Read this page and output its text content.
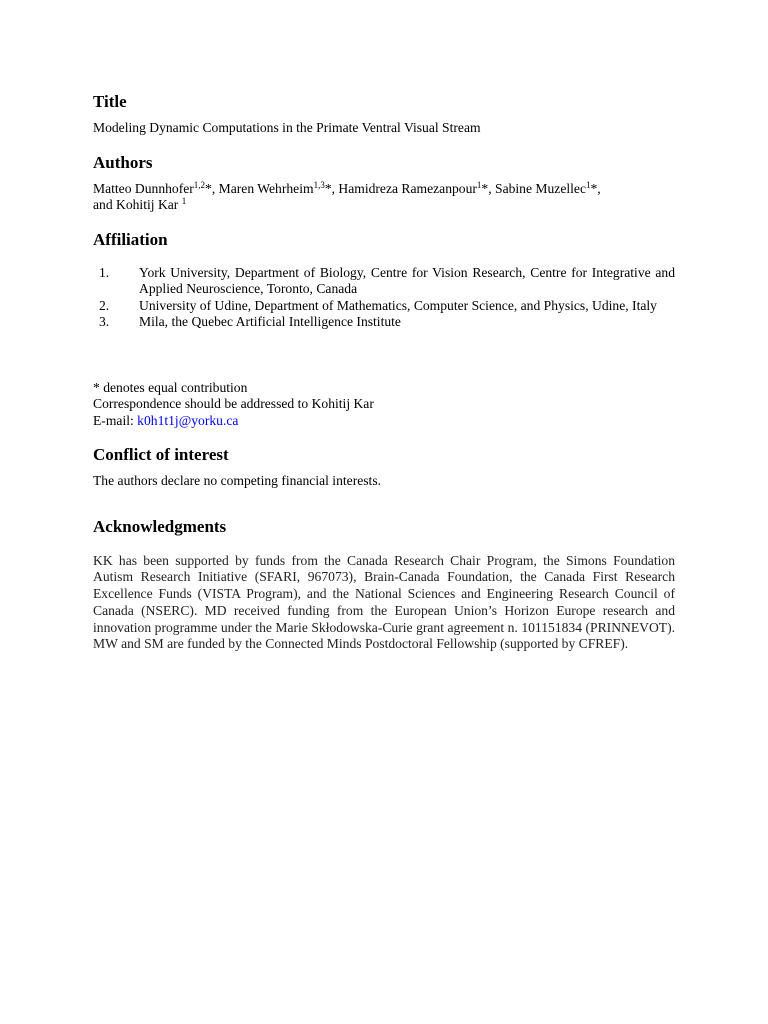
Title

Modeling Dynamic Computations in the Primate Ventral Visual Stream

Authors

Matteo Dunnhofer$^{1,2}$*, Maren Wehrheim$^{1,3}$*, Hamidreza Ramezanpour$^1$*, Sabine Muzellec$^1$*,
and Kohitij Kar $^1$

Affiliation
1. York University, Department of Biology, Centre for Vision Research, Centre for Integrative and Applied Neuroscience, Toronto, Canada
2. University of Udine, Department of Mathematics, Computer Science, and Physics, Udine, Italy
3. Mila, the Quebec Artificial Intelligence Institute

* denotes equal contribution

Correspondence should be addressed to Kohitij Kar

E-mail: k0h1t1j@yorku.ca

Conflict of interest

The authors declare no competing financial interests.

Acknowledgments

KK has been supported by funds from the Canada Research Chair Program, the Simons Foundation Autism Research Initiative (SFARI, 967073), Brain-Canada Foundation, the Canada First Research Excellence Funds (VISTA Program), and the National Sciences and Engineering Research Council of Canada (NSERC). MD received funding from the European Union’s Horizon Europe research and innovation programme under the Marie Skłodowska-Curie grant agreement n. 101151834 (PRINNEVOT). MW and SM are funded by the Connected Minds Postdoctoral Fellowship (supported by CFREF).
